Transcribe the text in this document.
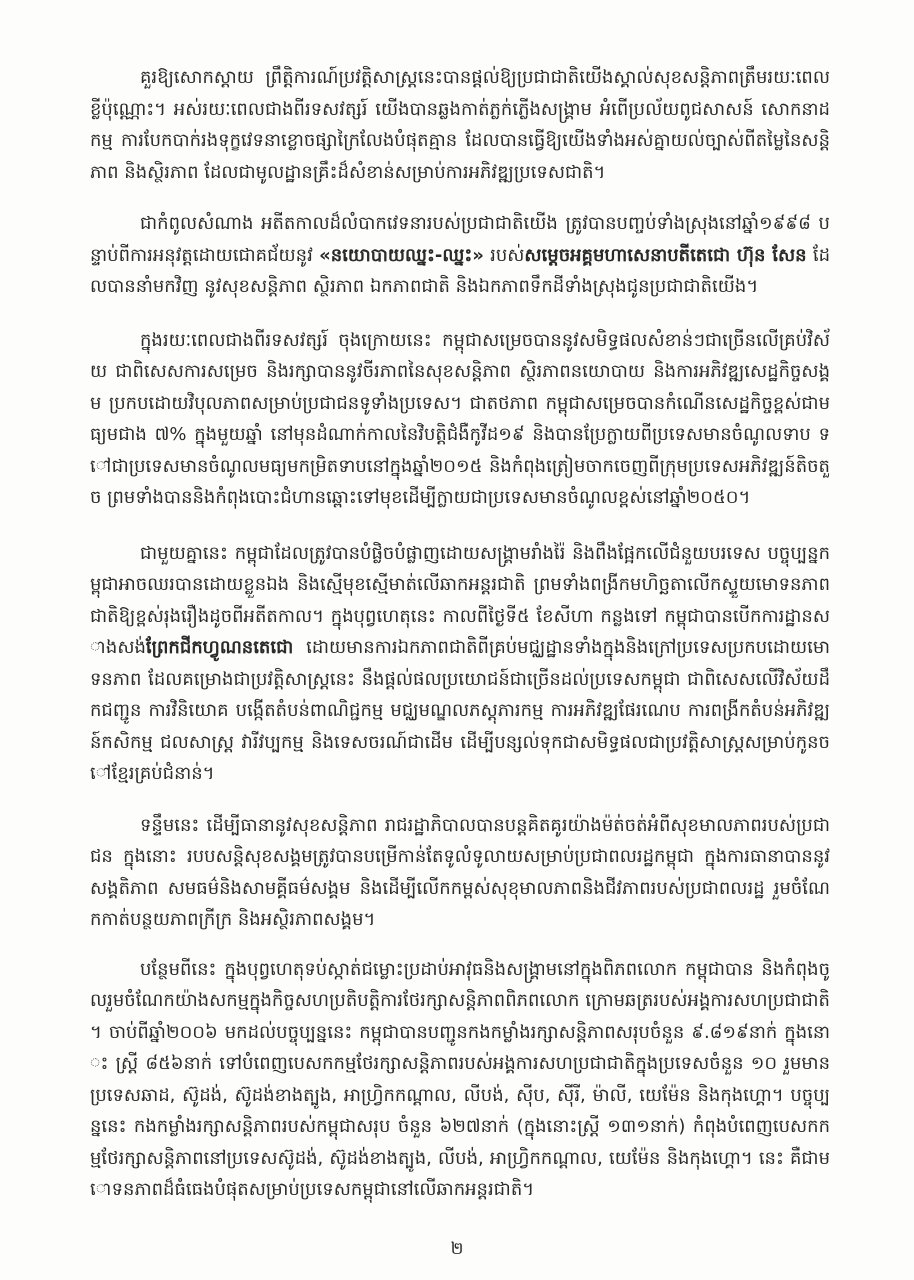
គួរឱ្យសោកស្តាយ ព្រឹត្តិការណ៍ប្រវត្តិសាស្ត្រនេះបានផ្តល់ឱ្យប្រជាជាតិយើងស្គាល់សុខសន្តិភាពត្រឹមរយៈពេលខ្លីប៉ុណ្ណោះ។ អស់រយៈពេលជាងពីរទសវត្សរ៍ យើងបានឆ្លងកាត់ភ្លក់ភ្លើងសង្គ្រាម អំពើប្រល័យពូជសាសន៍ សោកនាដកម្ម ការបែកបាក់រងទុក្ខវេទនាខ្លោចផ្សាក្រៃលែងបំផុតគ្មាន ដែលបានធ្វើឱ្យយើងទាំងអស់គ្នាយល់ច្បាស់ពីតម្លៃនៃសន្តិភាព និងស្ថិរភាព ដែលជាមូលដ្ឋានគ្រឹះដ៏សំខាន់សម្រាប់ការអភិវឌ្ឍប្រទេសជាតិ។

ជាកំពូលសំណាង អតីតកាលដ៏លំបាកវេទនារបស់ប្រជាជាតិយើង ត្រូវបានបញ្ចប់ទាំងស្រុងនៅឆ្នាំ១៩៩៨ បន្ទាប់ពីការអនុវត្តដោយជោគជ័យនូវ «នយោបាយឈ្នះ-ឈ្នះ» របស់សម្តេចអគ្គមហាសេនាបតីតេជោ ហ៊ុន សែន ដែលបាននាំមកវិញ នូវសុខសន្តិភាព ស្ថិរភាព ឯកភាពជាតិ និងឯកភាពទឹកដីទាំងស្រុងជូនប្រជាជាតិយើង។

ក្នុងរយៈពេលជាងពីរទសវត្សរ៍ ចុងក្រោយនេះ កម្ពុជាសម្រេចបាននូវសមិទ្ធផលសំខាន់ៗជាច្រើនលើគ្រប់វិស័យ ជាពិសេសការសម្រេច និងរក្សាបាននូវចីរភាពនៃសុខសន្តិភាព ស្ថិរភាពនយោបាយ និងការអភិវឌ្ឍសេដ្ឋកិច្ចសង្គម ប្រកបដោយវិបុលភាពសម្រាប់ប្រជាជនទូទាំងប្រទេស។ ជាតថភាព កម្ពុជាសម្រេចបានកំណើនសេដ្ឋកិច្ចខ្ពស់ជាមធ្យមជាង ៧% ក្នុងមួយឆ្នាំ នៅមុនដំណាក់កាលនៃវិបត្តិជំងឺកូវីដ១៩ និងបានប្រែក្លាយពីប្រទេសមានចំណូលទាប ទៅជាប្រទេសមានចំណូលមធ្យមកម្រិតទាបនៅក្នុងឆ្នាំ២០១៥ និងកំពុងត្រៀមចាកចេញពីក្រុមប្រទេសអភិវឌ្ឍន៍តិចតួច ព្រមទាំងបាននិងកំពុងបោះជំហានឆ្ពោះទៅមុខដើម្បីក្លាយជាប្រទេសមានចំណូលខ្ពស់នៅឆ្នាំ២០៥០។

ជាមួយគ្នានេះ កម្ពុជាដែលត្រូវបានបំផ្លិចបំផ្លាញដោយសង្គ្រាមរាំងរ៉ៃ និងពឹងផ្អែកលើជំនួយបរទេស បច្ចុប្បន្នកម្ពុជាអាចឈរបានដោយខ្លួនឯង និងស្មើមុខស្មើមាត់លើឆាកអន្តរជាតិ ព្រមទាំងពង្រីកមហិច្ឆតាលើកស្ទួយមោទនភាពជាតិឱ្យខ្ពស់រុងរឿងដូចពីអតីតកាល។ ក្នុងបុព្វហេតុនេះ កាលពីថ្ងៃទី៥ ខែសីហា កន្លងទៅ កម្ពុជាបានបើកការដ្ឋានសាងសង់ព្រែកជីកហ្វូណនតេជោ ដោយមានការឯកភាពជាតិពីគ្រប់មជ្ឈដ្ឋានទាំងក្នុងនិងក្រៅប្រទេសប្រកបដោយមោទនភាព ដែលគម្រោងជាប្រវត្តិសាស្ត្រនេះ នឹងផ្តល់ផលប្រយោជន៍ជាច្រើនដល់ប្រទេសកម្ពុជា ជាពិសេសលើវិស័យដឹកជញ្ជូន ការវិនិយោគ បង្កើតតំបន់ពាណិជ្ជកម្ម មជ្ឈមណ្ឌលភស្តុភារកម្ម ការអភិវឌ្ឍផែរណេប ការពង្រីកតំបន់អភិវឌ្ឍន៍កសិកម្ម ជលសាស្ត្រ វារីវប្បកម្ម និងទេសចរណ៍ជាដើម ដើម្បីបន្សល់ទុកជាសមិទ្ធផលជាប្រវត្តិសាស្ត្រសម្រាប់កូនចៅខ្មែរគ្រប់ជំនាន់។

ទន្ទឹមនេះ ដើម្បីធានានូវសុខសន្តិភាព រាជរដ្ឋាភិបាលបានបន្តគិតគូរយ៉ាងម៉ត់ចត់អំពីសុខមាលភាពរបស់ប្រជាជន ក្នុងនោះ របបសន្តិសុខសង្គមត្រូវបានបម្រើកាន់តែទូលំទូលាយសម្រាប់ប្រជាពលរដ្ឋកម្ពុជា ក្នុងការធានាបាននូវសង្គតិភាព សមធម៌និងសាមគ្គីធម៌សង្គម និងដើម្បីលើកកម្ពស់សុខុមាលភាពនិងជីវភាពរបស់ប្រជាពលរដ្ឋ រួមចំណែកកាត់បន្ថយភាពក្រីក្រ និងអស្ថិរភាពសង្គម។

បន្ថែមពីនេះ ក្នុងបុព្វហេតុទប់ស្កាត់ជម្លោះប្រដាប់អាវុធនិងសង្គ្រាមនៅក្នុងពិភពលោក កម្ពុជាបាន និងកំពុងចូលរួមចំណែកយ៉ាងសកម្មក្នុងកិច្ចសហប្រតិបត្តិការថែរក្សាសន្តិភាពពិភពលោក ក្រោមឆត្ររបស់អង្គការសហប្រជាជាតិ។ ចាប់ពីឆ្នាំ២០០៦ មកដល់បច្ចុប្បន្ននេះ កម្ពុជាបានបញ្ជូនកងកម្លាំងរក្សាសន្តិភាពសរុបចំនួន ៩.៨១៩នាក់ ក្នុងនោះ ស្ត្រី ៨៥៦នាក់ ទៅបំពេញបេសកកម្មថែរក្សាសន្តិភាពរបស់អង្គការសហប្រជាជាតិក្នុងប្រទេសចំនួន ១០ រួមមាន ប្រទេសឆាដ, ស៊ូដង់, ស៊ូដង់ខាងត្បូង, អាហ្វ្រិកកណ្តាល, លីបង់, ស៊ីប, ស៊ីរី, ម៉ាលី, យេម៉ែន និងកុងហ្គោ។ បច្ចុប្បន្ននេះ កងកម្លាំងរក្សាសន្តិភាពរបស់កម្ពុជាសរុប ចំនួន ៦២៧នាក់ (ក្នុងនោះស្ត្រី ១៣១នាក់) កំពុងបំពេញបេសកកម្មថែរក្សាសន្តិភាពនៅប្រទេសស៊ូដង់, ស៊ូដង់ខាងត្បូង, លីបង់, អាហ្វ្រិកកណ្តាល, យេម៉ែន និងកុងហ្គោ។ នេះ គឺជាមោទនភាពដ៏ធំធេងបំផុតសម្រាប់ប្រទេសកម្ពុជានៅលើឆាកអន្តរជាតិ។

២
